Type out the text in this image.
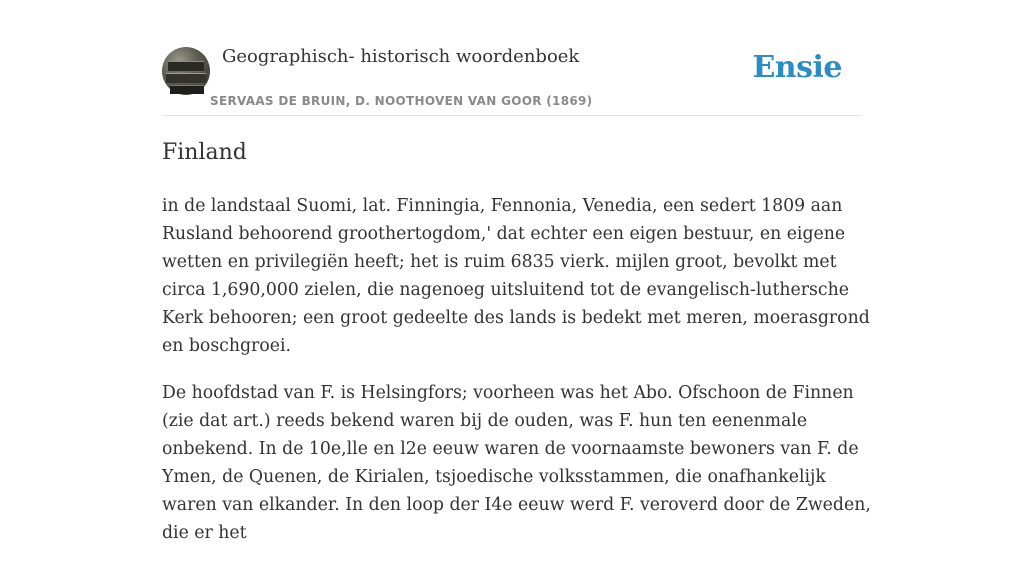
Geographisch- historisch woordenboek
SERVAAS DE BRUIN, D. NOOTHOVEN VAN GOOR (1869)
Ensie
Finland

in de landstaal Suomi, lat. Finningia, Fennonia, Venedia, een sedert 1809 aan Rusland behoorend groothertogdom,' dat echter een eigen bestuur, en eigene wetten en privilegiën heeft; het is ruim 6835 vierk. mijlen groot, bevolkt met circa 1,690,000 zielen, die nagenoeg uitsluitend tot de evangelisch-luthersche Kerk behooren; een groot gedeelte des lands is bedekt met meren, moerasgrond en boschgroei.

De hoofdstad van F. is Helsingfors; voorheen was het Abo. Ofschoon de Finnen (zie dat art.) reeds bekend waren bij de ouden, was F. hun ten eenenmale onbekend. In de 10e,lle en l2e eeuw waren de voornaamste bewoners van F. de Ymen, de Quenen, de Kirialen, tsjoedische volksstammen, die onafhankelijk waren van elkander. In den loop der I4e eeuw werd F. veroverd door de Zweden, die er het
